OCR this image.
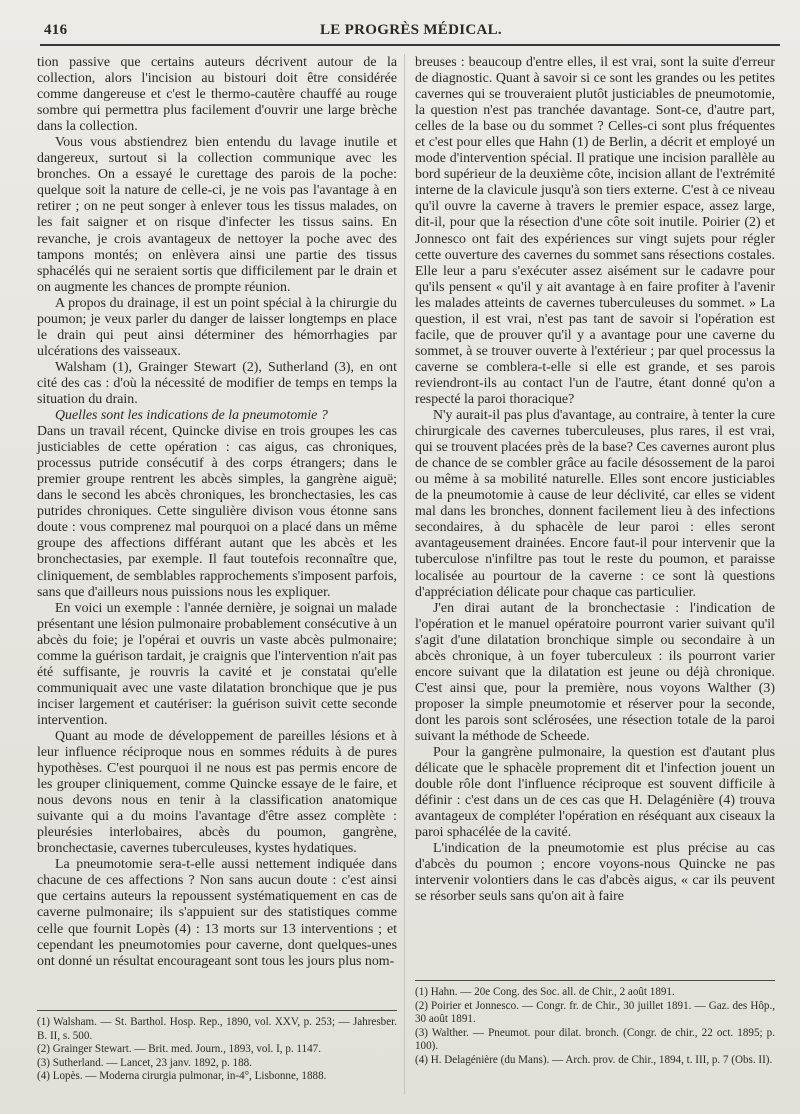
416	LE PROGRÈS MÉDICAL.

tion passive que certains auteurs décrivent autour de la collection, alors l'incision au bistouri doit être considérée comme dangereuse et c'est le thermo-cautère chauffé au rouge sombre qui permettra plus facilement d'ouvrir une large brèche dans la collection.

Vous vous abstiendrez bien entendu du lavage inutile et dangereux, surtout si la collection communique avec les bronches. On a essayé le curettage des parois de la poche: quelque soit la nature de celle-ci, je ne vois pas l'avantage à en retirer ; on ne peut songer à enlever tous les tissus malades, on les fait saigner et on risque d'infecter les tissus sains. En revanche, je crois avantageux de nettoyer la poche avec des tampons montés; on enlèvera ainsi une partie des tissus sphacélés qui ne seraient sortis que difficilement par le drain et on augmente les chances de prompte réunion.

A propos du drainage, il est un point spécial à la chirurgie du poumon; je veux parler du danger de laisser longtemps en place le drain qui peut ainsi déterminer des hémorrhagies par ulcérations des vaisseaux.

Walsham (1), Grainger Stewart (2), Sutherland (3), en ont cité des cas : d'où la nécessité de modifier de temps en temps la situation du drain.

Quelles sont les indications de la pneumotomie ?

Dans un travail récent, Quincke divise en trois groupes les cas justiciables de cette opération : cas aigus, cas chroniques, processus putride consécutif à des corps étrangers; dans le premier groupe rentrent les abcès simples, la gangrène aiguë; dans le second les abcès chroniques, les bronchectasies, les cas putrides chroniques. Cette singulière divison vous étonne sans doute : vous comprenez mal pourquoi on a placé dans un même groupe des affections différant autant que les abcès et les bronchectasies, par exemple. Il faut toutefois reconnaître que, cliniquement, de semblables rapprochements s'imposent parfois, sans que d'ailleurs nous puissions nous les expliquer.

En voici un exemple : l'année dernière, je soignai un malade présentant une lésion pulmonaire probablement consécutive à un abcès du foie; je l'opérai et ouvris un vaste abcès pulmonaire; comme la guérison tardait, je craignis que l'intervention n'ait pas été suffisante, je rouvris la cavité et je constatai qu'elle communiquait avec une vaste dilatation bronchique que je pus inciser largement et cautériser: la guérison suivit cette seconde intervention.

Quant au mode de développement de pareilles lésions et à leur influence réciproque nous en sommes réduits à de pures hypothèses. C'est pourquoi il ne nous est pas permis encore de les grouper cliniquement, comme Quincke essaye de le faire, et nous devons nous en tenir à la classification anatomique suivante qui a du moins l'avantage d'être assez complète : pleurésies interlobaires, abcès du poumon, gangrène, bronchectasie, cavernes tuberculeuses, kystes hydatiques.

La pneumotomie sera-t-elle aussi nettement indiquée dans chacune de ces affections ? Non sans aucun doute : c'est ainsi que certains auteurs la repoussent systématiquement en cas de caverne pulmonaire; ils s'appuient sur des statistiques comme celle que fournit Lopès (4) : 13 morts sur 13 interventions ; et cependant les pneumotomies pour caverne, dont quelques-unes ont donné un résultat encourageant sont tous les jours plus nom-

breuses : beaucoup d'entre elles, il est vrai, sont la suite d'erreur de diagnostic. Quant à savoir si ce sont les grandes ou les petites cavernes qui se trouveraient plutôt justiciables de pneumotomie, la question n'est pas tranchée davantage. Sont-ce, d'autre part, celles de la base ou du sommet ? Celles-ci sont plus fréquentes et c'est pour elles que Hahn (1) de Berlin, a décrit et employé un mode d'intervention spécial. Il pratique une incision parallèle au bord supérieur de la deuxième côte, incision allant de l'extrémité interne de la clavicule jusqu'à son tiers externe. C'est à ce niveau qu'il ouvre la caverne à travers le premier espace, assez large, dit-il, pour que la résection d'une côte soit inutile. Poirier (2) et Jonnesco ont fait des expériences sur vingt sujets pour régler cette ouverture des cavernes du sommet sans résections costales. Elle leur a paru s'exécuter assez aisément sur le cadavre pour qu'ils pensent « qu'il y ait avantage à en faire profiter à l'avenir les malades atteints de cavernes tuberculeuses du sommet. » La question, il est vrai, n'est pas tant de savoir si l'opération est facile, que de prouver qu'il y a avantage pour une caverne du sommet, à se trouver ouverte à l'extérieur ; par quel processus la caverne se comblera-t-elle si elle est grande, et ses parois reviendront-ils au contact l'un de l'autre, étant donné qu'on a respecté la paroi thoracique?

N'y aurait-il pas plus d'avantage, au contraire, à tenter la cure chirurgicale des cavernes tuberculeuses, plus rares, il est vrai, qui se trouvent placées près de la base? Ces cavernes auront plus de chance de se combler grâce au facile désossement de la paroi ou même à sa mobilité naturelle. Elles sont encore justiciables de la pneumotomie à cause de leur déclivité, car elles se vident mal dans les bronches, donnent facilement lieu à des infections secondaires, à du sphacèle de leur paroi : elles seront avantageusement drainées. Encore faut-il pour intervenir que la tuberculose n'infiltre pas tout le reste du poumon, et paraisse localisée au pourtour de la caverne : ce sont là questions d'appréciation délicate pour chaque cas particulier.

J'en dirai autant de la bronchectasie : l'indication de l'opération et le manuel opératoire pourront varier suivant qu'il s'agit d'une dilatation bronchique simple ou secondaire à un abcès chronique, à un foyer tuberculeux : ils pourront varier encore suivant que la dilatation est jeune ou déjà chronique. C'est ainsi que, pour la première, nous voyons Walther (3) proposer la simple pneumotomie et réserver pour la seconde, dont les parois sont sclérosées, une résection totale de la paroi suivant la méthode de Scheede.

Pour la gangrène pulmonaire, la question est d'autant plus délicate que le sphacèle proprement dit et l'infection jouent un double rôle dont l'influence réciproque est souvent difficile à définir : c'est dans un de ces cas que H. Delagénière (4) trouva avantageux de compléter l'opération en réséquant aux ciseaux la paroi sphacélée de la cavité.

L'indication de la pneumotomie est plus précise au cas d'abcès du poumon ; encore voyons-nous Quincke ne pas intervenir volontiers dans le cas d'abcès aigus, « car ils peuvent se résorber seuls sans qu'on ait à faire

(1) Walsham. — St. Barthol. Hosp. Rep., 1890, vol. XXV, p. 253; — Jahresber. B. II, s. 500.

(2) Grainger Stewart. — Brit. med. Journ., 1893, vol. I, p. 1147.

(3) Sutherland. — Lancet, 23 janv. 1892, p. 188.

(4) Lopès. — Moderna cirurgia pulmonar, in-4°, Lisbonne, 1888.

(1) Hahn. — 20e Cong. des Soc. all. de Chir., 2 août 1891.

(2) Poirier et Jonnesco. — Congr. fr. de Chir., 30 juillet 1891. — Gaz. des Hôp., 30 août 1891.

(3) Walther. — Pneumot. pour dilat. bronch. (Congr. de chir., 22 oct. 1895; p. 100).

(4) H. Delagénière (du Mans). — Arch. prov. de Chir., 1894, t. III, p. 7 (Obs. II).
